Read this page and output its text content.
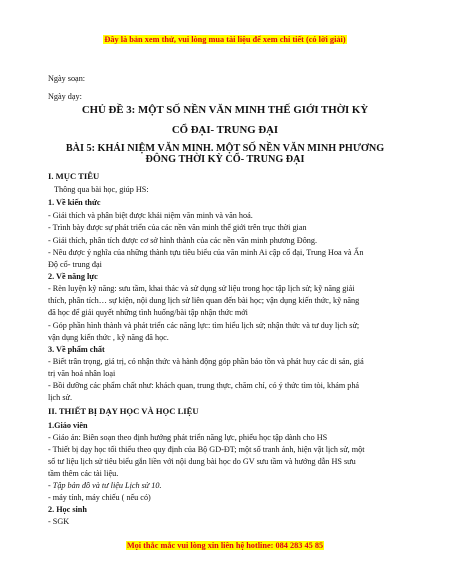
Đây là bản xem thử, vui lòng mua tài liệu để xem chi tiết (có lời giải)
Ngày soạn:
Ngày dạy:
CHỦ ĐỀ 3: MỘT SỐ NỀN VĂN MINH THẾ GIỚI THỜI KỲ
CỔ ĐẠI- TRUNG ĐẠI
BÀI 5: KHÁI NIỆM VĂN MINH. MỘT SỐ NỀN VĂN MINH PHƯƠNG
ĐÔNG THỜI KỲ CỔ- TRUNG ĐẠI
I. MỤC TIÊU
Thông qua bài học, giúp HS:
1. Về kiến thức
- Giải thích và phân biệt được khái niệm văn minh và văn hoá.
- Trình bày được sự phát triển của các nền văn minh thế giới trên trục thời gian
- Giải thích, phân tích được cơ sở hình thành của các nền văn minh phương Đông.
- Nêu được ý nghĩa của những thành tựu tiêu biểu của văn minh Ai cập cổ đại, Trung Hoa và Ấn
Độ cổ- trung đại
2. Về năng lực
- Rèn luyện kỹ năng: sưu tầm, khai thác và sử dụng sử liệu trong học tập lịch sử; kỹ năng giải
thích, phân tích… sự kiện, nội dung lịch sử liên quan đến bài học; vận dụng kiến thức, kỹ năng
đã học để giải quyết những tình huống/bài tập nhận thức mới
- Góp phần hình thành và phát triển các năng lực: tìm hiểu lịch sử; nhận thức và tư duy lịch sử;
vận dụng kiến thức , kỹ năng đã học.
3. Về phẩm chất
- Biết trân trọng, giá trị, có nhận thức và hành động góp phần bảo tồn và phát huy các di sản, giá
trị văn hoá nhân loại
- Bồi dưỡng các phẩm chất như: khách quan, trung thực, chăm chỉ, có ý thức tìm tòi, khám phá
lịch sử.
II. THIẾT BỊ DẠY HỌC VÀ HỌC LIỆU
1.Giáo viên
- Giáo án: Biên soạn theo định hướng phát triển năng lực, phiếu học tập dành cho HS
- Thiết bị dạy học tối thiểu theo quy định của Bộ GD-ĐT; một số tranh ảnh, hiện vật lịch sử, một
số tư liệu lịch sử tiêu biểu gắn liền với nội dung bài học do GV sưu tầm và hướng dẫn HS sưu
tầm thêm các tài liệu.
- Tập bản đồ và tư liệu Lịch sử 10.
- máy tính, máy chiếu ( nếu có)
2. Học sinh
- SGK
Mọi thắc mắc vui lòng xin liên hệ hotline: 084 283 45 85
